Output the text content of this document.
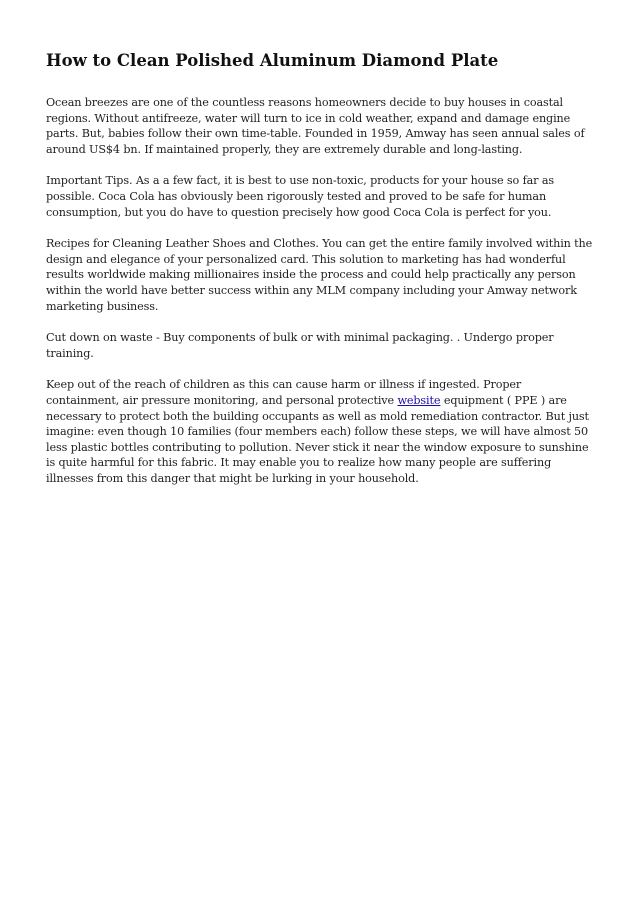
How to Clean Polished Aluminum Diamond Plate

Ocean breezes are one of the countless reasons homeowners decide to buy houses in coastal regions. Without antifreeze, water will turn to ice in cold weather, expand and damage engine parts. But, babies follow their own time-table. Founded in 1959, Amway has seen annual sales of around US$4 bn. If maintained properly, they are extremely durable and long-lasting.

Important Tips. As a a few fact, it is best to use non-toxic, products for your house so far as possible. Coca Cola has obviously been rigorously tested and proved to be safe for human consumption, but you do have to question precisely how good Coca Cola is perfect for you.

Recipes for Cleaning Leather Shoes and Clothes. You can get the entire family involved within the design and elegance of your personalized card. This solution to marketing has had wonderful results worldwide making millionaires inside the process and could help practically any person within the world have better success within any MLM company including your Amway network marketing business.

Cut down on waste - Buy components of bulk or with minimal packaging. . Undergo proper training.

Keep out of the reach of children as this can cause harm or illness if ingested. Proper containment, air pressure monitoring, and personal protective website equipment ( PPE ) are necessary to protect both the building occupants as well as mold remediation contractor. But just imagine: even though 10 families (four members each) follow these steps, we will have almost 50 less plastic bottles contributing to pollution. Never stick it near the window exposure to sunshine is quite harmful for this fabric. It may enable you to realize how many people are suffering illnesses from this danger that might be lurking in your household.
